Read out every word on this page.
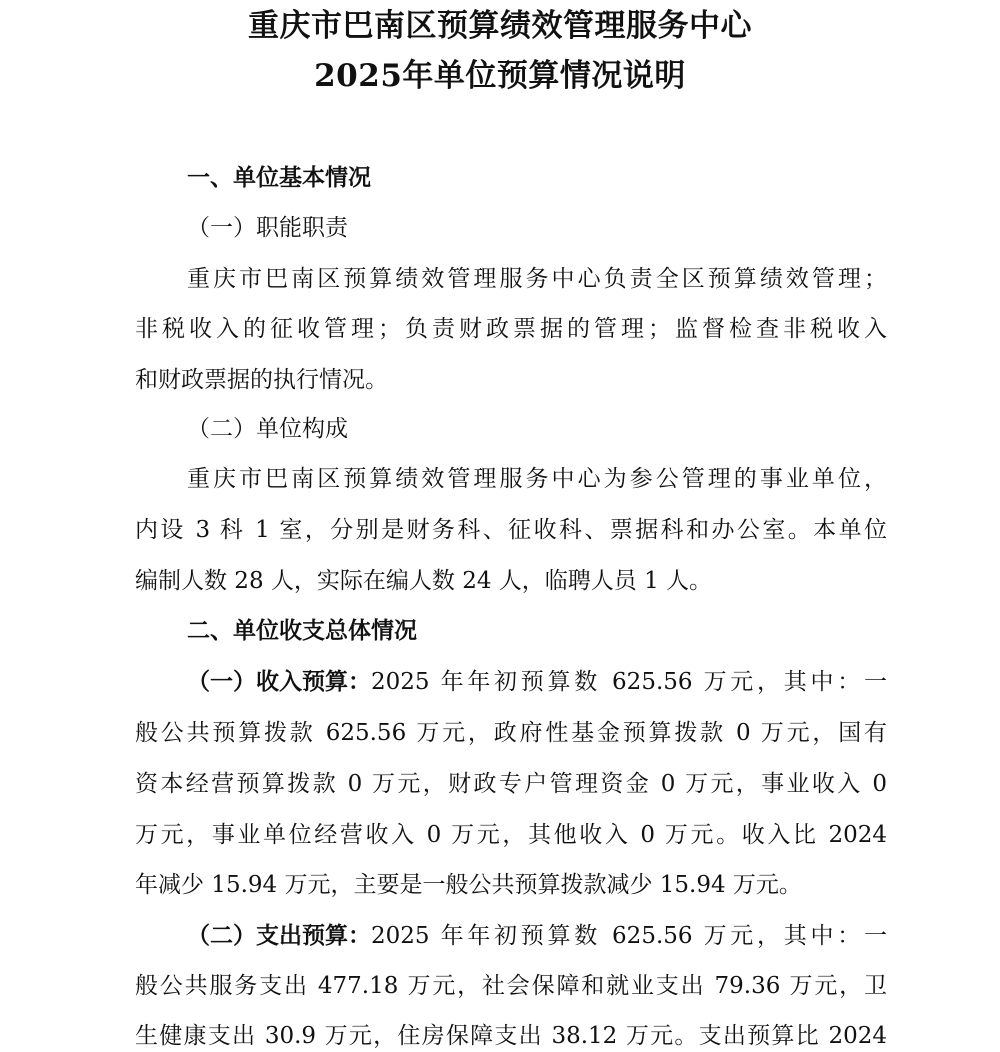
重庆市巴南区预算绩效管理服务中心
2025年单位预算情况说明
一、单位基本情况
（一）职能职责
重庆市巴南区预算绩效管理服务中心负责全区预算绩效管理；
非税收入的征收管理；负责财政票据的管理；监督检查非税收入
和财政票据的执行情况。
（二）单位构成
重庆市巴南区预算绩效管理服务中心为参公管理的事业单位，
内设 3 科 1 室，分别是财务科、征收科、票据科和办公室。本单位
编制人数 28 人，实际在编人数 24 人，临聘人员 1 人。
二、单位收支总体情况
（一）收入预算： 2025 年年初预算数 625.56 万元，其中：一
般公共预算拨款 625.56 万元，政府性基金预算拨款 0 万元，国有
资本经营预算拨款 0 万元，财政专户管理资金 0 万元，事业收入 0
万元，事业单位经营收入 0 万元，其他收入 0 万元。收入比 2024
年减少 15.94 万元，主要是一般公共预算拨款减少 15.94 万元。
（二）支出预算： 2025 年年初预算数 625.56 万元，其中：一
般公共服务支出 477.18 万元，社会保障和就业支出 79.36 万元，卫
生健康支出 30.9 万元，住房保障支出 38.12 万元。支出预算比 2024
